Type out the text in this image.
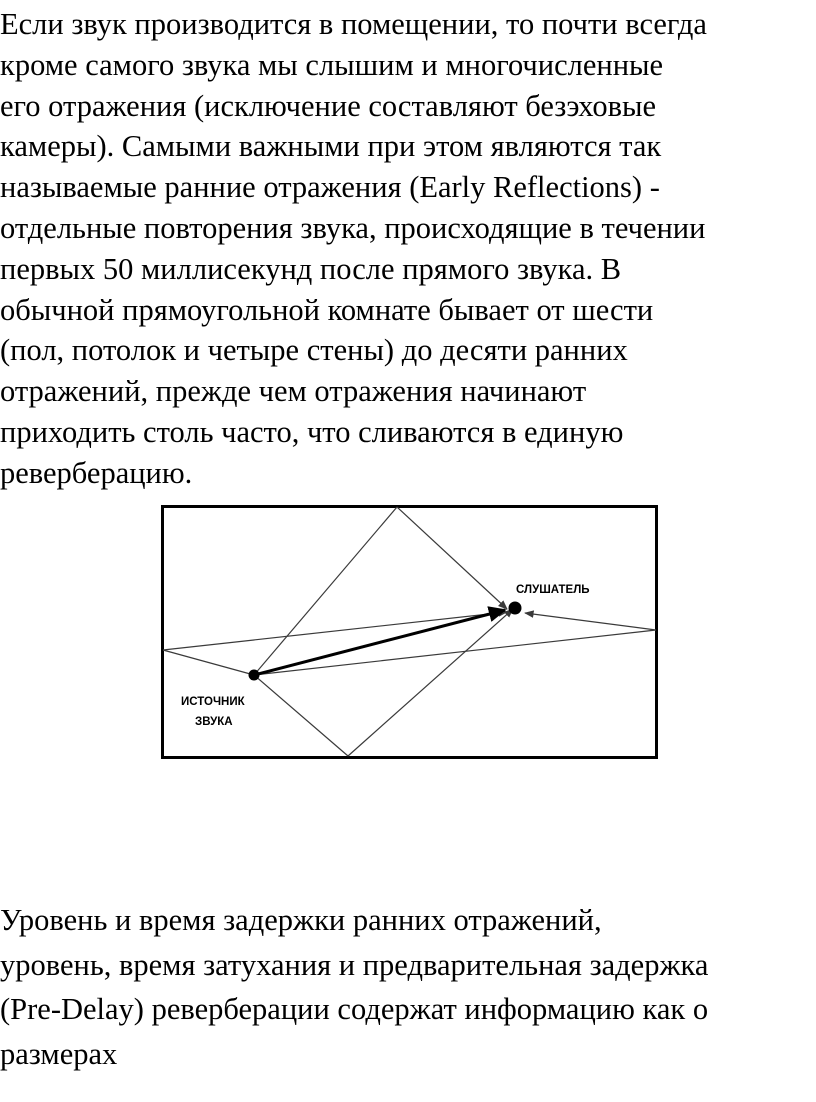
Если звук производится в помещении, то почти всегда
кроме самого звука мы слышим и многочисленные
его отражения (исключение составляют безэховые
камеры). Самыми важными при этом являются так
называемые ранние отражения (Early Reflections) -
отдельные повторения звука, происходящие в течении
первых 50 миллисекунд после прямого звука. В
обычной прямоугольной комнате бывает от шести
(пол, потолок и четыре стены) до десяти ранних
отражений, прежде чем отражения начинают
приходить столь часто, что сливаются в единую
реверберацию.
СЛУШАТЕЛЬ
ИСТОЧНИК
ЗВУКА
Уровень и время задержки ранних отражений,
уровень, время затухания и предварительная задержка
(Pre-Delay) реверберации содержат информацию как о
размерах
